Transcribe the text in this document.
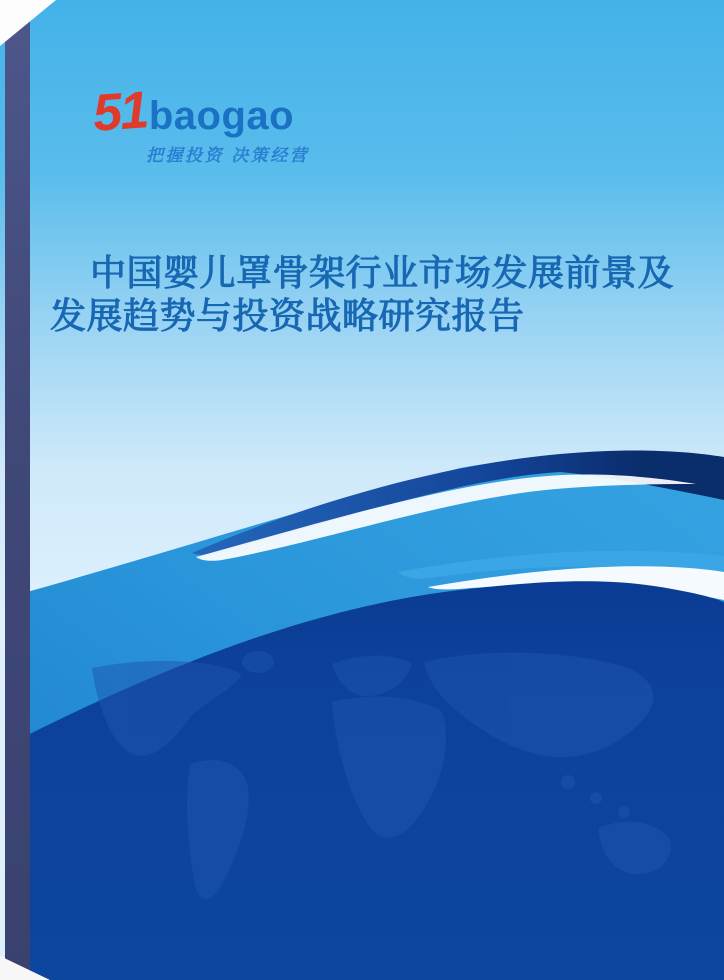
51 baogao
把握投资 决策经营
中国婴儿罩骨架行业市场发展前景及
发展趋势与投资战略研究报告
